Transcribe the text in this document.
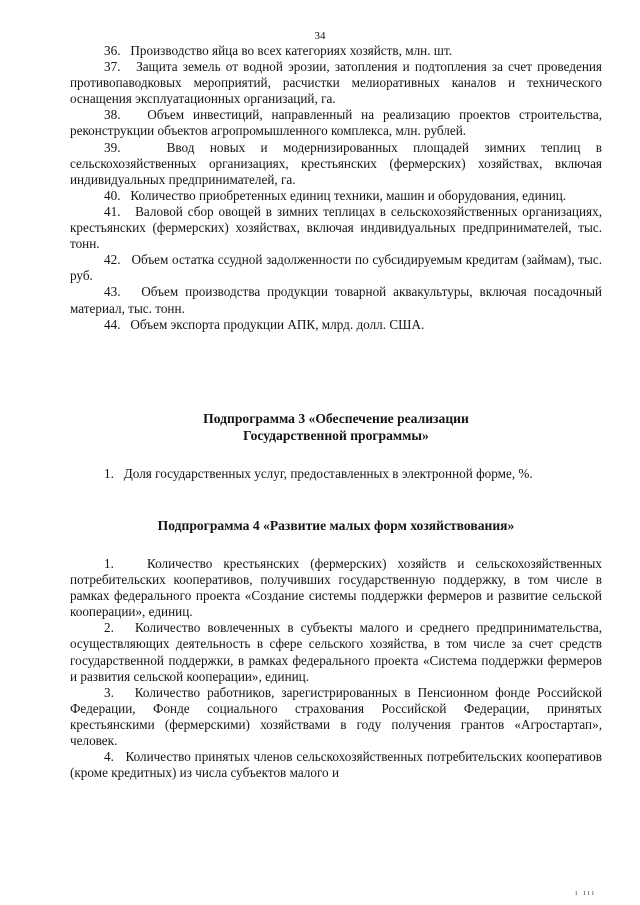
34

36. Производство яйца во всех категориях хозяйств, млн. шт.

37. Защита земель от водной эрозии, затопления и подтопления за счет проведения противопаводковых мероприятий, расчистки мелиоративных каналов и технического оснащения эксплуатационных организаций, га.

38. Объем инвестиций, направленный на реализацию проектов строительства, реконструкции объектов агропромышленного комплекса, млн. рублей.

39.	Ввод новых и модернизированных площадей зимних теплиц в сельскохозяйственных организациях, крестьянских (фермерских) хозяйствах, включая индивидуальных предпринимателей, га.

40. Количество приобретенных единиц техники, машин и оборудования, единиц.

41. Валовой сбор овощей в зимних теплицах в сельскохозяйственных организациях, крестьянских (фермерских) хозяйствах, включая индивидуальных предпринимателей, тыс. тонн.

42. Объем остатка ссудной задолженности по субсидируемым кредитам (займам), тыс. руб.

43. Объем производства продукции товарной аквакультуры, включая посадочный материал, тыс. тонн.

44. Объем экспорта продукции АПК, млрд. долл. США.

Подпрограмма 3 «Обеспечение реализации
Государственной программы»

1. Доля государственных услуг, предоставленных в электронной форме, %.

Подпрограмма 4 «Развитие малых форм хозяйствования»

1.	Количество крестьянских (фермерских) хозяйств и сельскохозяйственных потребительских кооперативов, получивших государственную поддержку, в том числе в рамках федерального проекта «Создание системы поддержки фермеров и развитие сельской кооперации», единиц.

2. Количество вовлеченных в субъекты малого и среднего предпринимательства, осуществляющих деятельность в сфере сельского хозяйства, в том числе за счет средств государственной поддержки, в рамках федерального проекта «Система поддержки фермеров и развития сельской кооперации», единиц.

3. Количество работников, зарегистрированных в Пенсионном фонде Российской Федерации, Фонде социального страхования Российской Федерации, принятых крестьянскими (фермерскими) хозяйствами в году получения грантов «Агростартап», человек.

4. Количество принятых членов сельскохозяйственных потребительских кооперативов (кроме кредитных) из числа субъектов малого и

ı ııı
